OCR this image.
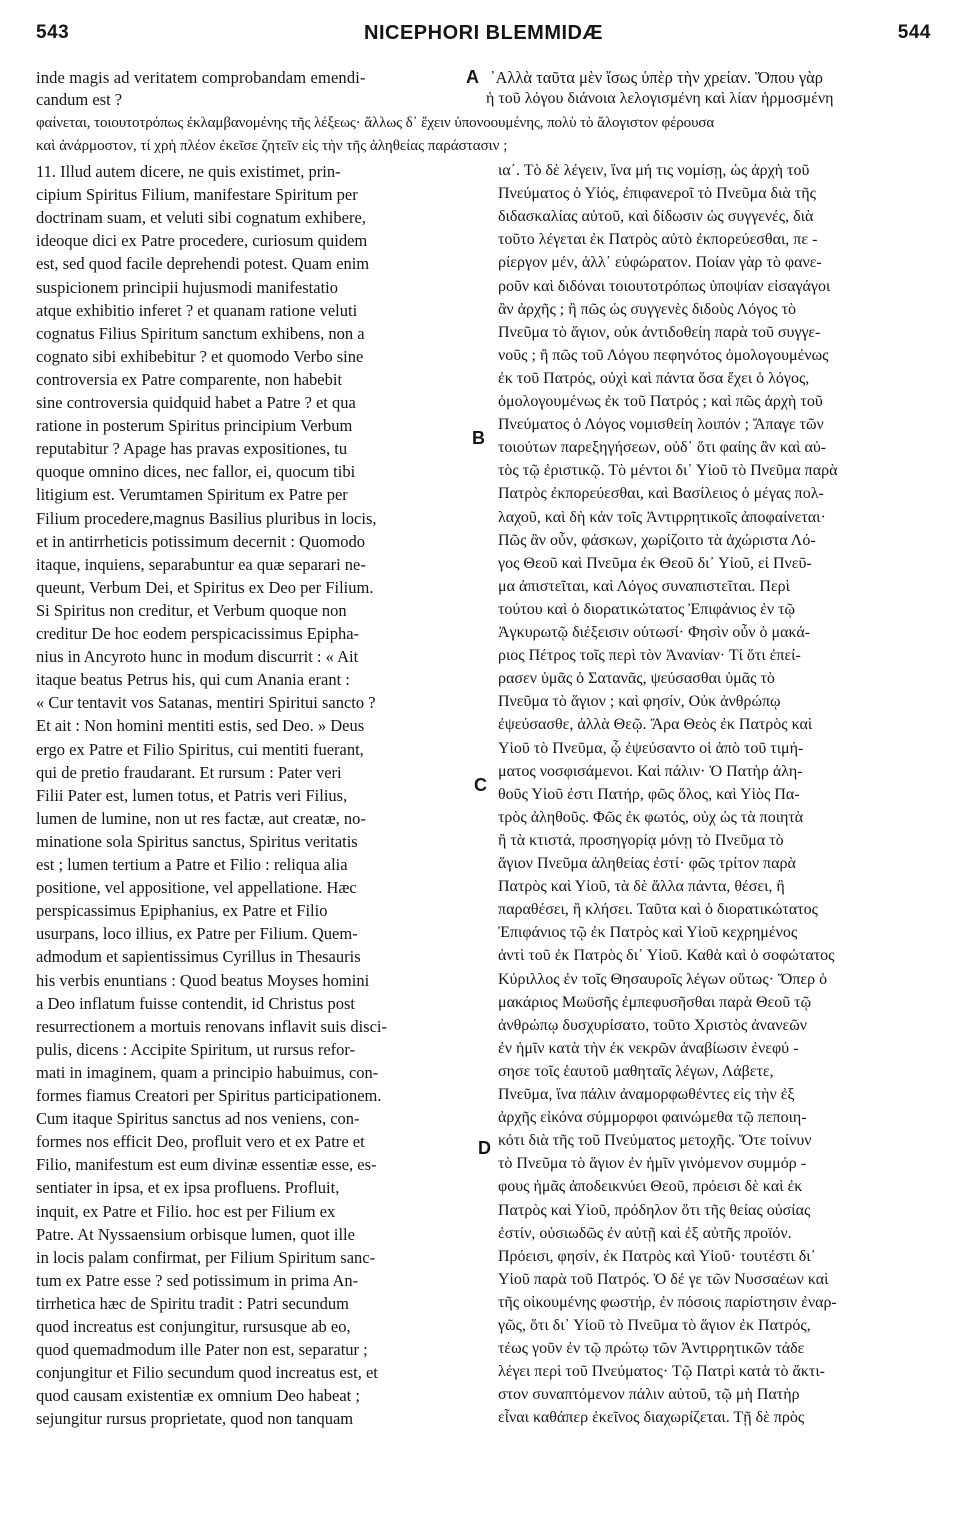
543	NICEPHORI BLEMMIDÆ	544
inde magis ad veritatem comprobandam emendi-
candum est ?
᾽Αλλὰ ταῦτα μὲν ἴσως ὑπὲρ τὴν χρείαν. Ὅπου γὰρ
ἡ τοῦ λόγου διάνοια λελογισμένη καὶ λίαν ἡρμοσμένη
φαίνεται, τοιουτοτρόπως ἐκλαμβανομένης τῆς λέξεως· ἄλλως δ᾽ ἔχειν ὑπονοουμένης, πολὺ τὸ ἄλογιστον φέρουσα
καὶ ἀνάρμοστον, τί χρὴ πλέον ἐκεῖσε ζητεῖν εἰς τὴν τῆς ἀληθείας παράστασιν ;
A
B
C
D
11. Illud autem dicere, ne quis existimet, prin-
cipium Spiritus Filium, manifestare Spiritum per
doctrinam suam, et veluti sibi cognatum exhibere,
ideoque dici ex Patre procedere, curiosum quidem
est, sed quod facile deprehendi potest. Quam enim
suspicionem principii hujusmodi manifestatio
atque exhibitio inferet ? et quanam ratione veluti
cognatus Filius Spiritum sanctum exhibens, non a
cognato sibi exhibebitur ? et quomodo Verbo sine
controversia ex Patre comparente, non habebit
sine controversia quidquid habet a Patre ? et qua
ratione in posterum Spiritus principium Verbum
reputabitur ? Apage has pravas expositiones, tu
quoque omnino dices, nec fallor, ei, quocum tibi
litigium est. Verumtamen Spiritum ex Patre per
Filium procedere,magnus Basilius pluribus in locis,
et in antirrheticis potissimum decernit : Quomodo
itaque, inquiens, separabuntur ea quæ separari ne-
queunt, Verbum Dei, et Spiritus ex Deo per Filium.
Si Spiritus non creditur, et Verbum quoque non
creditur De hoc eodem perspicacissimus Epipha-
nius in Ancyroto hunc in modum discurrit : « Ait
itaque beatus Petrus his, qui cum Anania erant :
« Cur tentavit vos Satanas, mentiri Spiritui sancto ?
Et ait : Non homini mentiti estis, sed Deo. » Deus
ergo ex Patre et Filio Spiritus, cui mentiti fuerant,
qui de pretio fraudarant. Et rursum : Pater veri
Filii Pater est, lumen totus, et Patris veri Filius,
lumen de lumine, non ut res factæ, aut creatæ, no-
minatione sola Spiritus sanctus, Spiritus veritatis
est ; lumen tertium a Patre et Filio : reliqua alia
positione, vel appositione, vel appellatione. Hæc
perspicassimus Epiphanius, ex Patre et Filio
usurpans, loco illius, ex Patre per Filium. Quem-
admodum et sapientissimus Cyrillus in Thesauris
his verbis enuntians : Quod beatus Moyses homini
a Deo inflatum fuisse contendit, id Christus post
resurrectionem a mortuis renovans inflavit suis disci-
pulis, dicens : Accipite Spiritum, ut rursus refor-
mati in imaginem, quam a principio habuimus, con-
formes fiamus Creatori per Spiritus participationem.
Cum itaque Spiritus sanctus ad nos veniens, con-
formes nos efficit Deo, profluit vero et ex Patre et
Filio, manifestum est eum divinæ essentiæ esse, es-
sentiater in ipsa, et ex ipsa profluens. Profluit,
inquit, ex Patre et Filio. hoc est per Filium ex
Patre. At Nyssaensium orbisque lumen, quot ille
in locis palam confirmat, per Filium Spiritum sanc-
tum ex Patre esse ? sed potissimum in prima An-
tirrhetica hæc de Spiritu tradit : Patri secundum
quod increatus est conjungitur, rursusque ab eo,
quod quemadmodum ille Pater non est, separatur ;
conjungitur et Filio secundum quod increatus est, et
quod causam existentiæ ex omnium Deo habeat ;
sejungitur rursus proprietate, quod non tanquam
ια΄. Τὸ δὲ λέγειν, ἵνα μή τις νομίσῃ, ὡς ἀρχὴ τοῦ
Πνεύματος ὁ Υἱός, ἐπιφανεροῖ τὸ Πνεῦμα διὰ τῆς
διδασκαλίας αὐτοῦ, καὶ δίδωσιν ὡς συγγενές, διὰ
τοῦτο λέγεται ἐκ Πατρὸς αὐτὸ ἐκπορεύεσθαι, πε -
ρίεργον μέν, ἀλλ᾽ εὐφώρατον. Ποίαν γὰρ τὸ φανε-
ροῦν καὶ διδόναι τοιουτοτρόπως ὑποψίαν εἰσαγάγοι
ἂν ἀρχῆς ; ἢ πῶς ὡς συγγενὲς διδοὺς Λόγος τὸ
Πνεῦμα τὸ ἅγιον, οὐκ ἀντιδοθείη παρὰ τοῦ συγγε-
νοῦς ; ἢ πῶς τοῦ Λόγου πεφηνότος ὁμολογουμένως
ἐκ τοῦ Πατρός, οὐχὶ καὶ πάντα ὅσα ἔχει ὁ λόγος,
ὁμολογουμένως ἐκ τοῦ Πατρός ; καὶ πῶς ἀρχὴ τοῦ
Πνεύματος ὁ Λόγος νομισθείη λοιπόν ; Ἄπαγε τῶν
τοιούτων παρεξηγήσεων, οὐδ᾽ ὅτι φαίης ἂν καὶ αὐ-
τὸς τῷ ἐριστικῷ. Τὸ μέντοι δι᾽ Υἱοῦ τὸ Πνεῦμα παρὰ
Πατρὸς ἐκπορεύεσθαι, καὶ Βασίλειος ὁ μέγας πολ-
λαχοῦ, καὶ δὴ κἀν τοῖς Ἀντιρρητικοῖς ἀποφαίνεται·
Πῶς ἂν οὖν, φάσκων, χωρίζοιτο τὰ ἀχώριστα Λό-
γος Θεοῦ καὶ Πνεῦμα ἐκ Θεοῦ δι᾽ Υἱοῦ, εἰ Πνεῦ-
μα ἀπιστεῖται, καὶ Λόγος συναπιστεῖται. Περὶ
τούτου καὶ ὁ διορατικώτατος Ἐπιφάνιος ἐν τῷ
Ἀγκυρωτῷ διέξεισιν οὑτωσί· Φησὶν οὖν ὁ μακά-
ριος Πέτρος τοῖς περὶ τὸν Ἀνανίαν· Τί ὅτι ἐπεί-
ρασεν ὑμᾶς ὁ Σατανᾶς, ψεύσασθαι ὑμᾶς τὸ
Πνεῦμα τὸ ἅγιον ; καὶ φησίν, Οὐκ ἀνθρώπῳ
ἐψεύσασθε, ἀλλὰ Θεῷ. Ἄρα Θεὸς ἐκ Πατρὸς καὶ
Υἱοῦ τὸ Πνεῦμα, ᾧ ἐψεύσαντο οἱ ἀπὸ τοῦ τιμή-
ματος νοσφισάμενοι. Καὶ πάλιν· Ὁ Πατὴρ ἀλη-
θοῦς Υἱοῦ ἐστι Πατήρ, φῶς ὅλος, καὶ Υἱὸς Πα-
τρὸς ἀληθοῦς. Φῶς ἐκ φωτός, οὐχ ὡς τὰ ποιητὰ
ἢ τὰ κτιστά, προσηγορίᾳ μόνῃ τὸ Πνεῦμα τὸ
ἅγιον Πνεῦμα ἀληθείας ἐστί· φῶς τρίτον παρὰ
Πατρὸς καὶ Υἱοῦ, τὰ δὲ ἄλλα πάντα, θέσει, ἢ
παραθέσει, ἢ κλήσει. Ταῦτα καὶ ὁ διορατικώτατος
Ἐπιφάνιος τῷ ἐκ Πατρὸς καὶ Υἱοῦ κεχρημένος
ἀντὶ τοῦ ἐκ Πατρὸς δι᾽ Υἱοῦ. Καθὰ καὶ ὁ σοφώτατος
Κύριλλος ἐν τοῖς Θησαυροῖς λέγων οὕτως· Ὅπερ ὁ
μακάριος Μωϋσῆς ἐμπεφυσῆσθαι παρὰ Θεοῦ τῷ
ἀνθρώπῳ δυσχυρίσατο, τοῦτο Χριστὸς ἀνανεῶν
ἐν ἡμῖν κατὰ τὴν ἐκ νεκρῶν ἀναβίωσιν ἐνεφύ -
σησε τοῖς ἑαυτοῦ μαθηταῖς λέγων, Λάβετε,
Πνεῦμα, ἵνα πάλιν ἀναμορφωθέντες εἰς τὴν ἐξ
ἀρχῆς εἰκόνα σύμμορφοι φαινώμεθα τῷ πεποιη-
κότι διὰ τῆς τοῦ Πνεύματος μετοχῆς. Ὅτε τοίνυν
τὸ Πνεῦμα τὸ ἅγιον ἐν ἡμῖν γινόμενον συμμόρ -
φους ἡμᾶς ἀποδεικνύει Θεοῦ, πρόεισι δὲ καὶ ἐκ
Πατρὸς καὶ Υἱοῦ, πρόδηλον ὅτι τῆς θείας οὐσίας
ἐστίν, οὐσιωδῶς ἐν αὐτῇ καὶ ἐξ αὐτῆς προϊόν.
Πρόεισι, φησίν, ἐκ Πατρὸς καὶ Υἱοῦ· τουτέστι δι᾽
Υἱοῦ παρὰ τοῦ Πατρός. Ὁ δέ γε τῶν Νυσσαέων καὶ
τῆς οἰκουμένης φωστήρ, ἐν πόσοις παρίστησιν ἐναρ-
γῶς, ὅτι δι᾽ Υἱοῦ τὸ Πνεῦμα τὸ ἅγιον ἐκ Πατρός,
τέως γοῦν ἐν τῷ πρώτῳ τῶν Ἀντιρρητικῶν τάδε
λέγει περὶ τοῦ Πνεύματος· Τῷ Πατρὶ κατὰ τὸ ἄκτι-
στον συναπτόμενον πάλιν αὐτοῦ, τῷ μὴ Πατὴρ
εἶναι καθάπερ ἐκεῖνος διαχωρίζεται. Τῇ δὲ πρὸς
